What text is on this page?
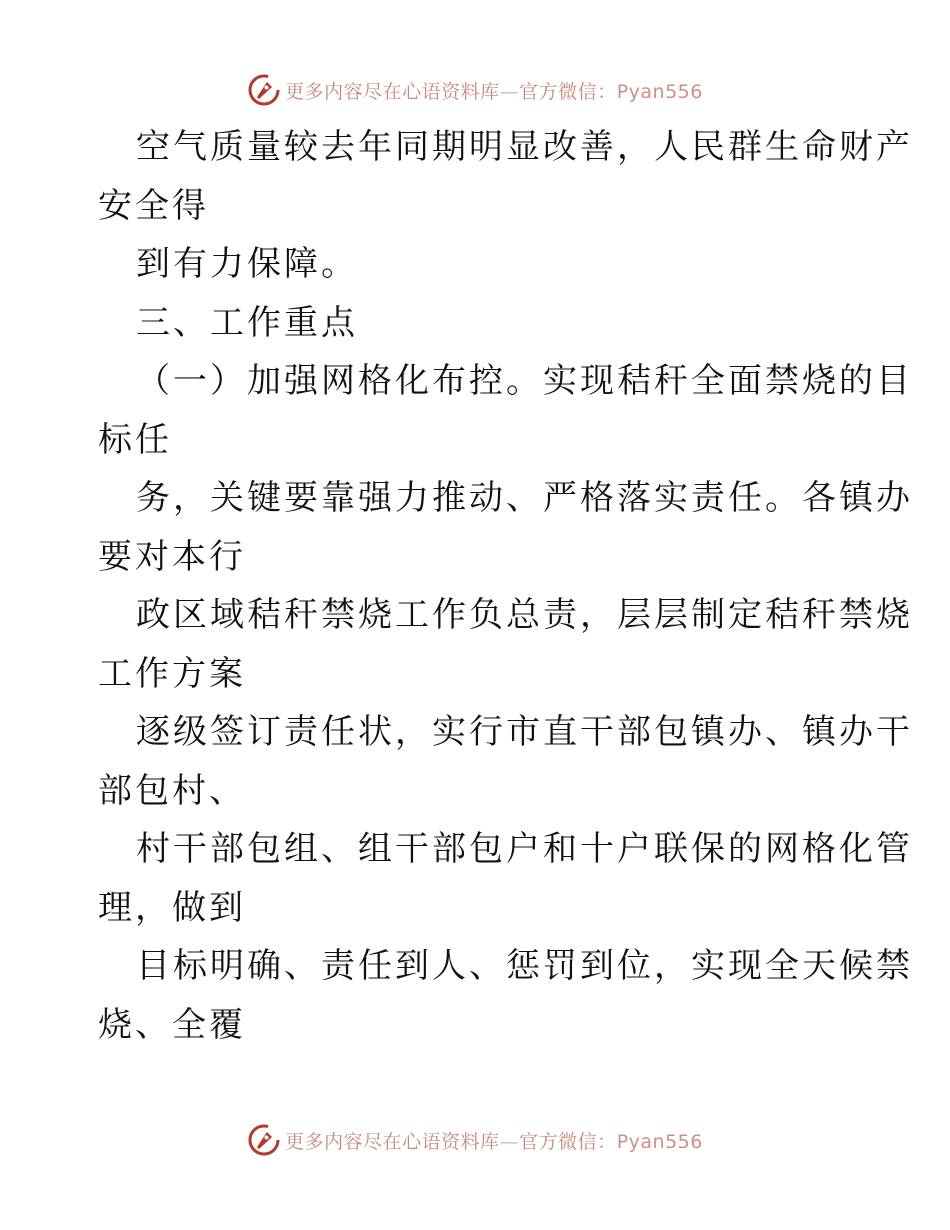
更多内容尽在心语资料库—官方微信：Pyan556
空气质量较去年同期明显改善，人民群生命财产
安全得
到有力保障。
三、工作重点
（一）加强网格化布控。实现秸秆全面禁烧的目
标任
务，关键要靠强力推动、严格落实责任。各镇办
要对本行
政区域秸秆禁烧工作负总责，层层制定秸秆禁烧
工作方案
逐级签订责任状，实行市直干部包镇办、镇办干
部包村、
村干部包组、组干部包户和十户联保的网格化管
理，做到
目标明确、责任到人、惩罚到位，实现全天候禁
烧、全覆
更多内容尽在心语资料库—官方微信：Pyan556
